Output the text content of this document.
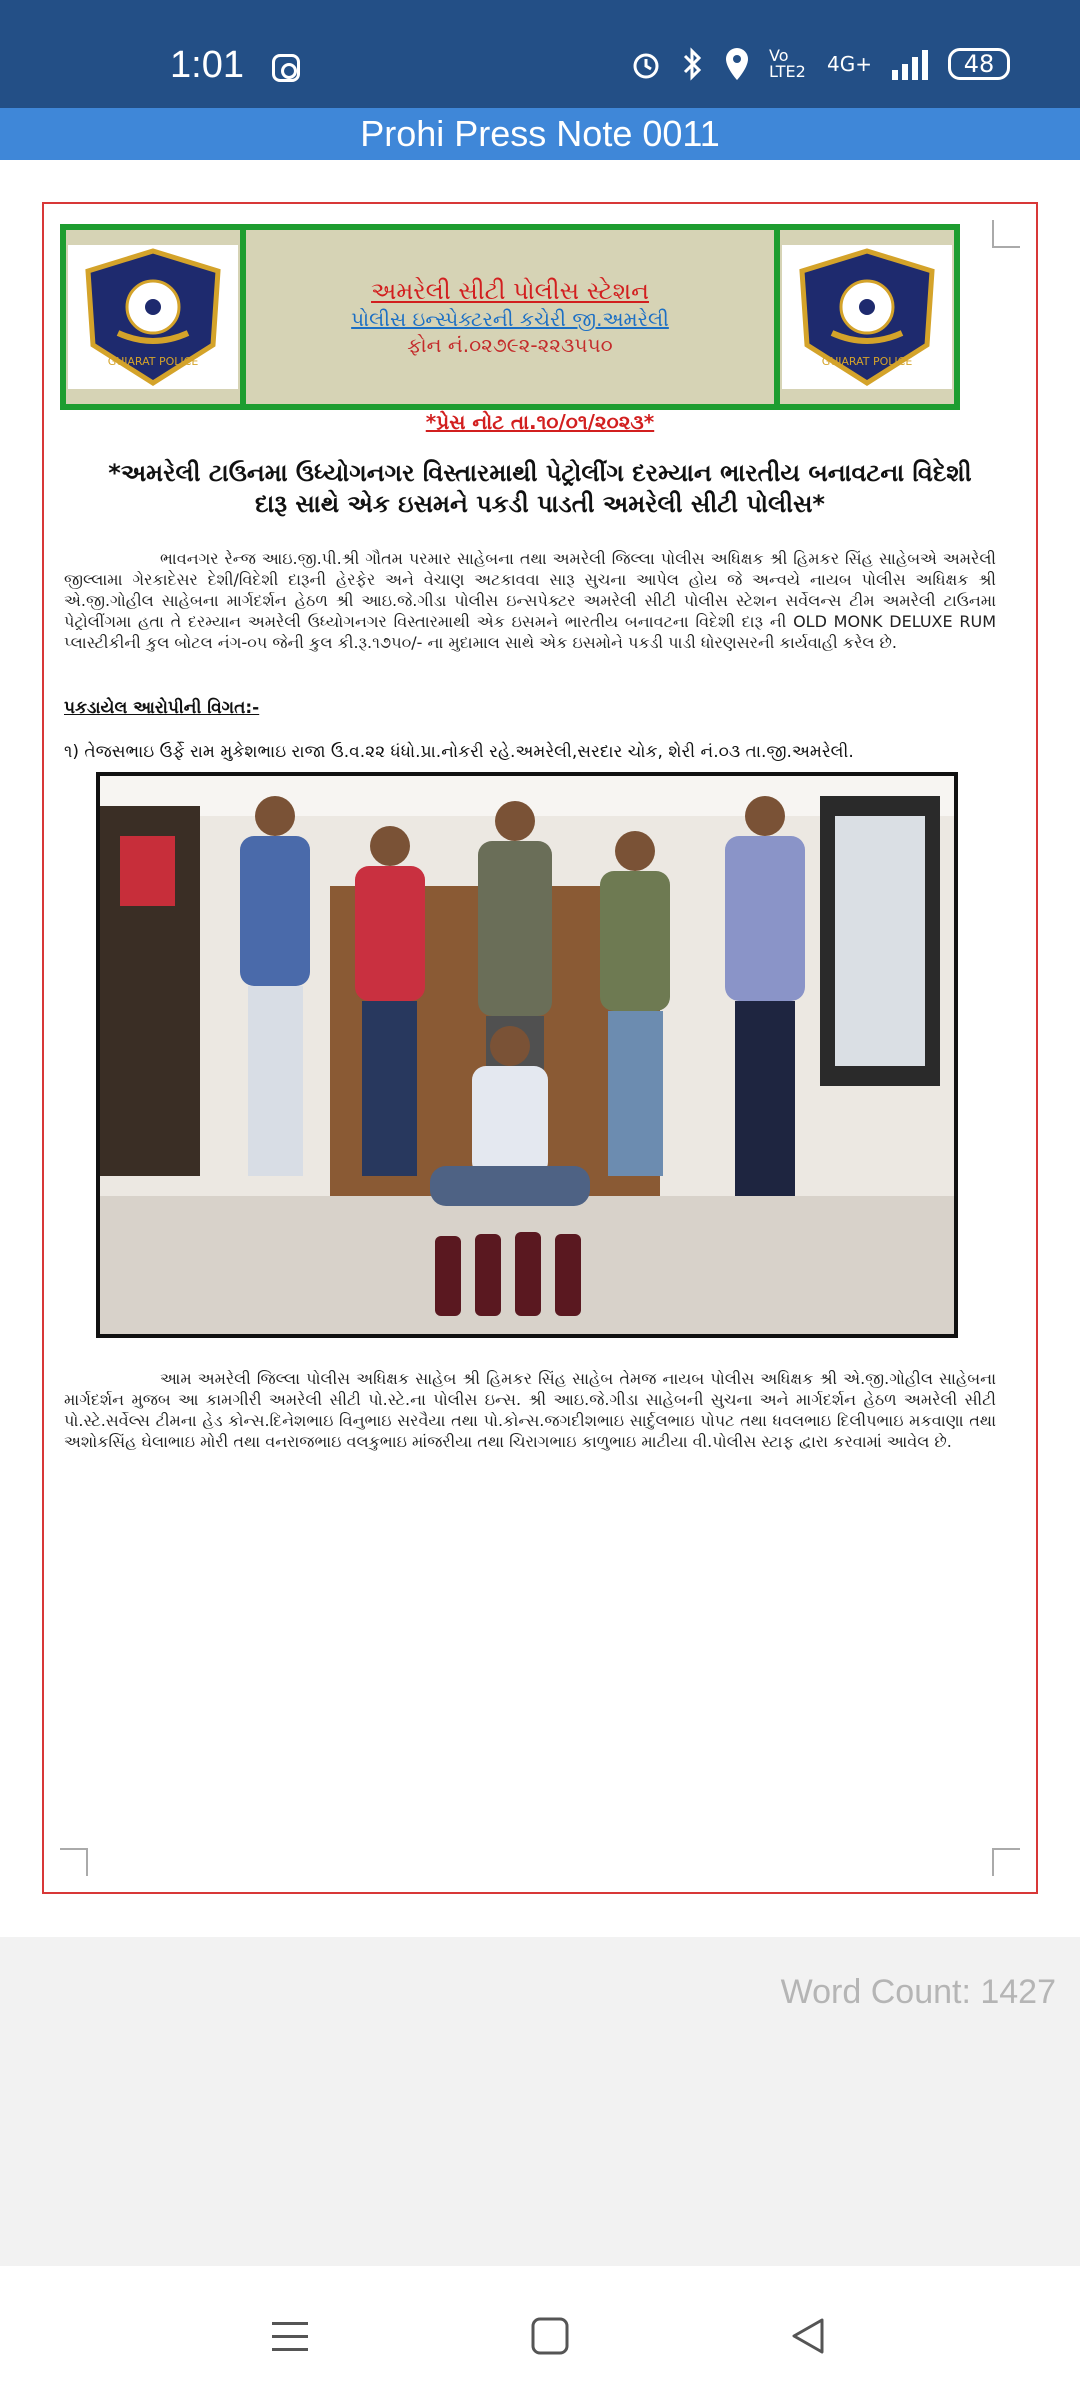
1:01	Vo LTE2 4G+	48
Prohi Press Note 0011
GUJARAT POLICE
અમરેલી સીટી પોલીસ સ્ટેશન
પોલીસ ઇન્સ્પેક્ટરની કચેરી જી.અમરેલી
ફોન નં.૦૨૭૯૨-૨૨૩૫૫૦
GUJARAT POLICE
*પ્રેસ નોટ તા.૧૦/૦૧/૨૦૨૩*
*અમરેલી ટાઉનમા ઉધ્યોગનગર વિસ્તારમાથી પેટ્રોલીંગ દરમ્યાન ભારતીય બનાવટના વિદેશી દારૂ સાથે એક ઇસમને પકડી પાડતી અમરેલી સીટી પોલીસ*
ભાવનગર રેન્જ આઇ.જી.પી.શ્રી ગૌતમ પરમાર સાહેબના તથા અમરેલી જિલ્લા પોલીસ અધિક્ષક શ્રી હિમકર સિંહ સાહેબએ અમરેલી જીલ્લામા ગેરકાદેસર દેશી/વિદેશી દારૂની હેરફેર અને વેચાણ અટકાવવા સારૂ સુચના આપેલ હોય જે અન્વયે નાયબ પોલીસ અધિક્ષક શ્રી એ.જી.ગોહીલ સાહેબના માર્ગદર્શન હેઠળ શ્રી આઇ.જે.ગીડા પોલીસ ઇન્સપેક્ટર અમરેલી સીટી પોલીસ સ્ટેશન સર્વેલન્સ ટીમ અમરેલી ટાઉનમા પેટ્રોલીંગમા હતા તે દરમ્યાન અમરેલી ઉધ્યોગનગર વિસ્તારમાથી એક ઇસમને ભારતીય બનાવટના વિદેશી દારૂ ની OLD MONK DELUXE RUM પ્લાસ્ટીકીની કુલ બોટલ નંગ-૦૫ જેની કુલ કી.રૂ.૧૭૫૦/- ના મુદામાલ સાથે એક ઇસમોને પકડી પાડી ધોરણસરની કાર્યવાહી કરેલ છે.
પકડાયેલ આરોપીની વિગત:-
૧) તેજસભાઇ ઉર્ફે રામ મુકેશભાઇ રાજા ઉ.વ.૨૨ ધંધો.પ્રા.નોકરી રહે.અમરેલી,સરદાર ચોક, શેરી નં.૦૩ તા.જી.અમરેલી.
આમ અમરેલી જિલ્લા પોલીસ અધિક્ષક સાહેબ શ્રી હિમકર સિંહ સાહેબ તેમજ નાયબ પોલીસ અધિક્ષક શ્રી એ.જી.ગોહીલ સાહેબના માર્ગદર્શન મુજબ આ કામગીરી અમરેલી સીટી પો.સ્ટે.ના પોલીસ ઇન્સ. શ્રી આઇ.જે.ગીડા સાહેબની સુચના અને માર્ગદર્શન હેઠળ અમરેલી સીટી પો.સ્ટે.સર્વેલ્સ ટીમના હેડ કોન્સ.દિનેશભાઇ વિનુભાઇ સરવૈયા તથા પો.કોન્સ.જગદીશભાઇ સાર્દુલભાઇ પોપટ તથા ધવલભાઇ દિલીપભાઇ મકવાણા તથા અશોકસિંહ ઘેલાભાઇ મોરી તથા વનરાજભાઇ વલકુભાઇ માંજરીયા તથા ચિરાગભાઇ કાળુભાઇ માટીયા વી.પોલીસ સ્ટાફ દ્વારા કરવામાં આવેલ છે.
Word Count: 1427
